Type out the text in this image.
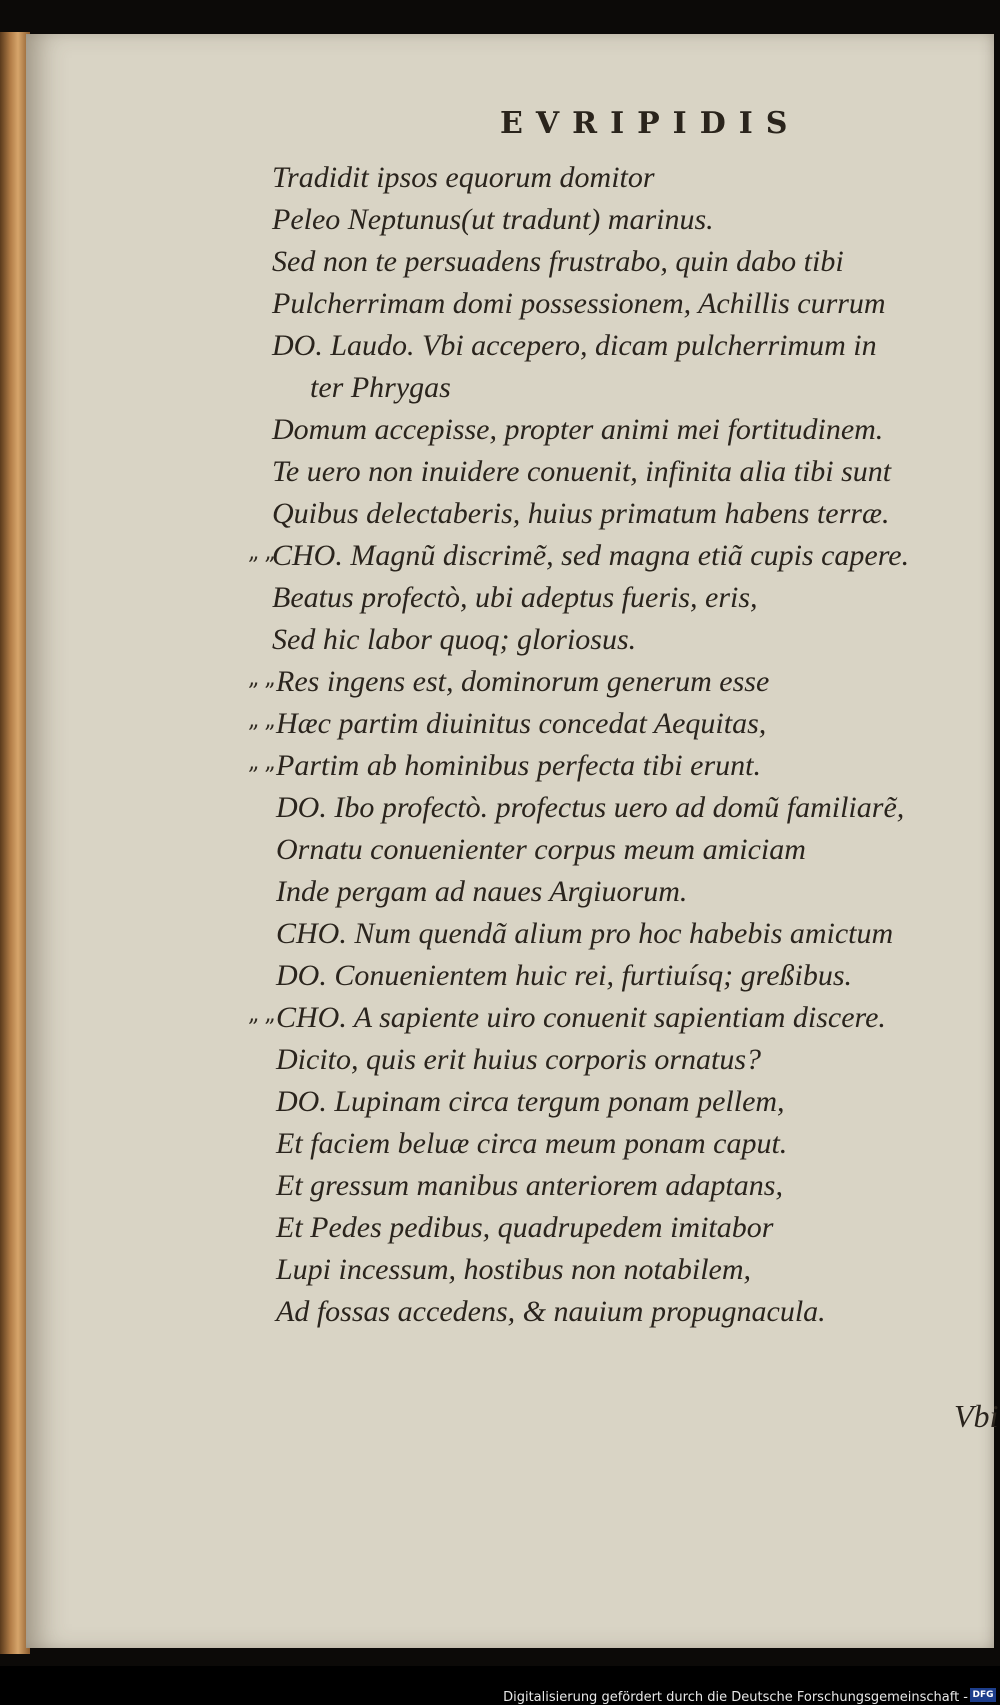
EVRIPIDIS
Tradidit ipsos equorum domitor
Peleo Neptunus(ut tradunt) marinus.
Sed non te persuadens frustrabo, quin dabo tibi
Pulcherrimam domi possessionem, Achillis currum
DO. Laudo. Vbi accepero, dicam pulcherrimum in
ter Phrygas
Domum accepisse, propter animi mei fortitudinem.
Te uero non inuidere conuenit, infinita alia tibi sunt
Quibus delectaberis, huius primatum habens terræ.
CHO. Magnũ discrimẽ, sed magna etiã cupis capere.
Beatus profectò, ubi adeptus fueris, eris,
Sed hic labor quoq; gloriosus.
Res ingens est, dominorum generum esse
Hæc partim diuinitus concedat Aequitas,
Partim ab hominibus perfecta tibi erunt.
DO. Ibo profectò. profectus uero ad domũ familiarẽ,
Ornatu conuenienter corpus meum amiciam
Inde pergam ad naues Argiuorum.
CHO. Num quendã alium pro hoc habebis amictum
DO. Conuenientem huic rei, furtiuísq; greßibus.
CHO. A sapiente uiro conuenit sapientiam discere.
Dicito, quis erit huius corporis ornatus?
DO. Lupinam circa tergum ponam pellem,
Et faciem beluæ circa meum ponam caput.
Et gressum manibus anteriorem adaptans,
Et Pedes pedibus, quadrupedem imitabor
Lupi incessum, hostibus non notabilem,
Ad fossas accedens, & nauium propugnacula.

Vbi

„ „
„ „
„ „
„ „
„ „

Digitalisierung gefördert durch die Deutsche Forschungsgemeinschaft - DFG
